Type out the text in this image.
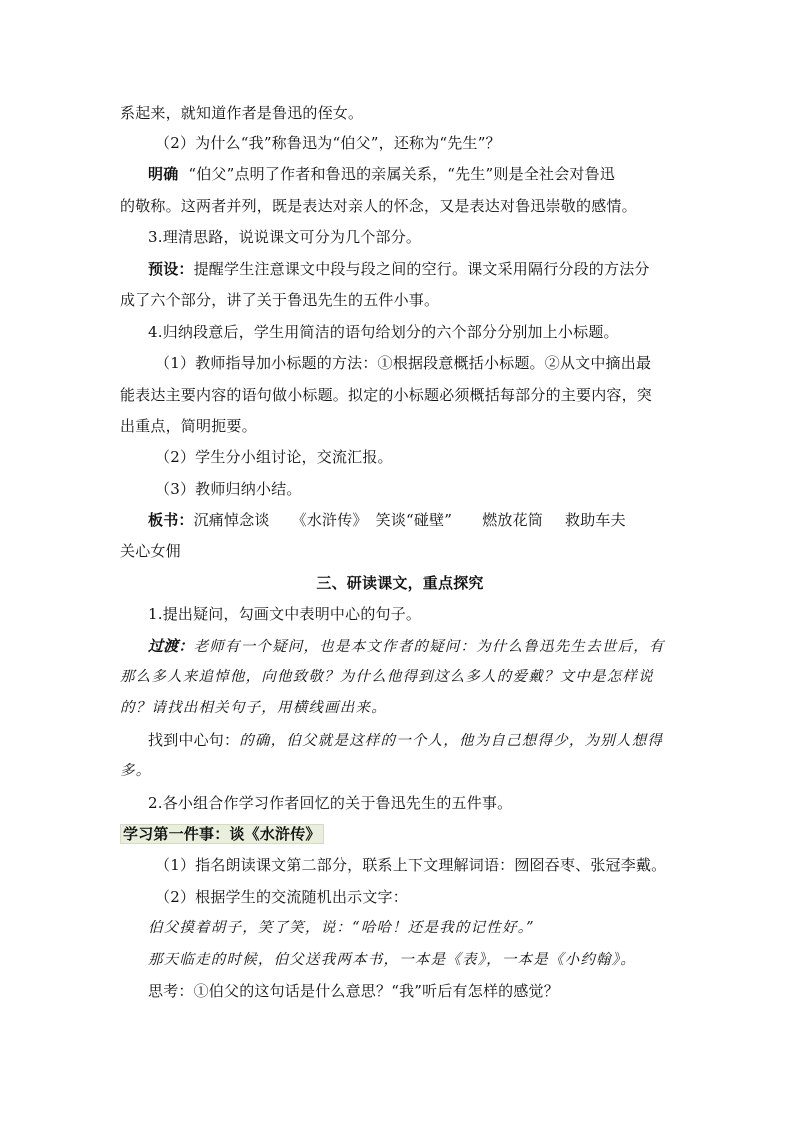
系起来，就知道作者是鲁迅的侄女。
（2）为什么“我”称鲁迅为“伯父”，还称为“先生”？
明确 “伯父”点明了作者和鲁迅的亲属关系，“先生”则是全社会对鲁迅
的敬称。这两者并列，既是表达对亲人的怀念，又是表达对鲁迅崇敬的感情。
3.理清思路，说说课文可分为几个部分。
预设：提醒学生注意课文中段与段之间的空行。课文采用隔行分段的方法分
成了六个部分，讲了关于鲁迅先生的五件小事。
4.归纳段意后，学生用简洁的语句给划分的六个部分分别加上小标题。
（1）教师指导加小标题的方法：①根据段意概括小标题。②从文中摘出最
能表达主要内容的语句做小标题。拟定的小标题必须概括每部分的主要内容，突
出重点，简明扼要。
（2）学生分小组讨论，交流汇报。
（3）教师归纳小结。
板书：沉痛悼念谈 《水浒传》 笑谈“碰壁” 燃放花筒 救助车夫
关心女佣
三、研读课文，重点探究
1.提出疑问，勾画文中表明中心的句子。
过渡：老师有一个疑问，也是本文作者的疑问：为什么鲁迅先生去世后，有
那么多人来追悼他，向他致敬？为什么他得到这么多人的爱戴？文中是怎样说
的？请找出相关句子，用横线画出来。
找到中心句：的确，伯父就是这样的一个人，他为自己想得少，为别人想得
多。
2.各小组合作学习作者回忆的关于鲁迅先生的五件事。
学习第一件事：谈《水浒传》
（1）指名朗读课文第二部分，联系上下文理解词语：囫囵吞枣、张冠李戴。
（2）根据学生的交流随机出示文字：
伯父摸着胡子，笑了笑，说：“哈哈！还是我的记性好。”
那天临走的时候，伯父送我两本书，一本是《表》，一本是《小约翰》。
思考：①伯父的这句话是什么意思？“我”听后有怎样的感觉？
